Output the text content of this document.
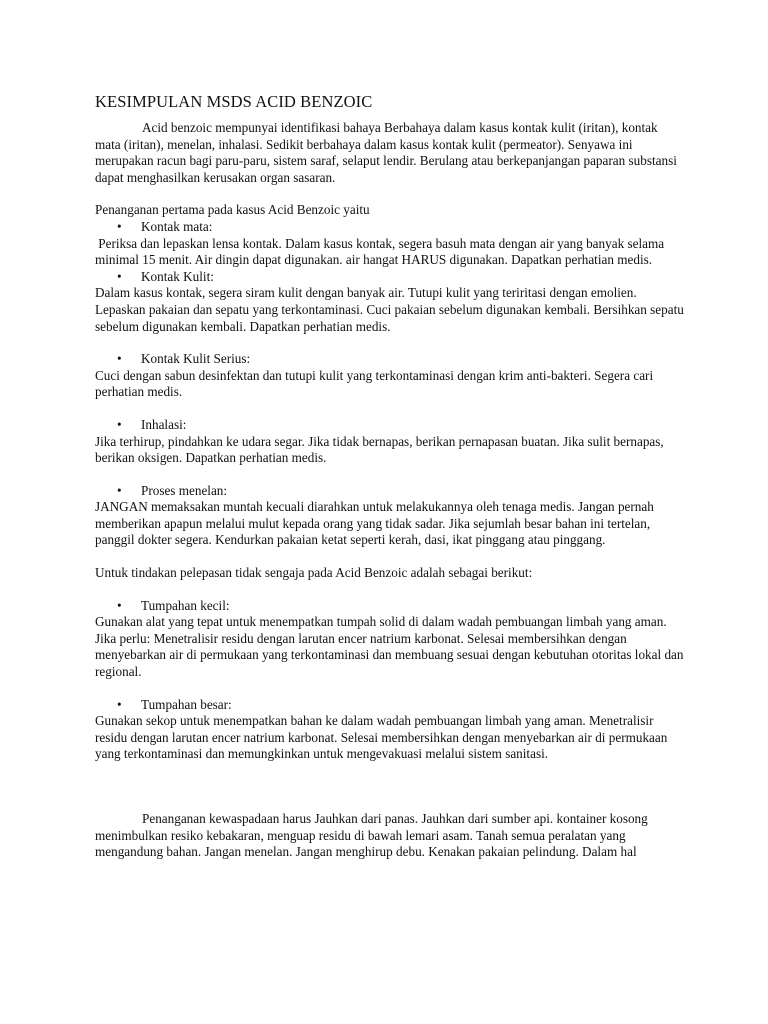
KESIMPULAN MSDS ACID BENZOIC

Acid benzoic mempunyai identifikasi bahaya Berbahaya dalam kasus kontak kulit (iritan), kontak mata (iritan), menelan, inhalasi. Sedikit berbahaya dalam kasus kontak kulit (permeator). Senyawa ini merupakan racun bagi paru-paru, sistem saraf, selaput lendir. Berulang atau berkepanjangan paparan substansi dapat menghasilkan kerusakan organ sasaran.

Penanganan pertama pada kasus Acid Benzoic yaitu

• Kontak mata:

Periksa dan lepaskan lensa kontak. Dalam kasus kontak, segera basuh mata dengan air yang banyak selama minimal 15 menit. Air dingin dapat digunakan. air hangat HARUS digunakan. Dapatkan perhatian medis.

• Kontak Kulit:

Dalam kasus kontak, segera siram kulit dengan banyak air. Tutupi kulit yang teriritasi dengan emolien. Lepaskan pakaian dan sepatu yang terkontaminasi. Cuci pakaian sebelum digunakan kembali. Bersihkan sepatu sebelum digunakan kembali. Dapatkan perhatian medis.

• Kontak Kulit Serius:

Cuci dengan sabun desinfektan dan tutupi kulit yang terkontaminasi dengan krim anti-bakteri. Segera cari perhatian medis.

• Inhalasi:

Jika terhirup, pindahkan ke udara segar. Jika tidak bernapas, berikan pernapasan buatan. Jika sulit bernapas, berikan oksigen. Dapatkan perhatian medis.

• Proses menelan:

JANGAN memaksakan muntah kecuali diarahkan untuk melakukannya oleh tenaga medis. Jangan pernah memberikan apapun melalui mulut kepada orang yang tidak sadar. Jika sejumlah besar bahan ini tertelan, panggil dokter segera. Kendurkan pakaian ketat seperti kerah, dasi, ikat pinggang atau pinggang.

Untuk tindakan pelepasan tidak sengaja pada Acid Benzoic adalah sebagai berikut:

• Tumpahan kecil:

Gunakan alat yang tepat untuk menempatkan tumpah solid di dalam wadah pembuangan limbah yang aman. Jika perlu: Menetralisir residu dengan larutan encer natrium karbonat. Selesai membersihkan dengan menyebarkan air di permukaan yang terkontaminasi dan membuang sesuai dengan kebutuhan otoritas lokal dan regional.

• Tumpahan besar:

Gunakan sekop untuk menempatkan bahan ke dalam wadah pembuangan limbah yang aman. Menetralisir residu dengan larutan encer natrium karbonat. Selesai membersihkan dengan menyebarkan air di permukaan yang terkontaminasi dan memungkinkan untuk mengevakuasi melalui sistem sanitasi.

Penanganan kewaspadaan harus Jauhkan dari panas. Jauhkan dari sumber api. kontainer kosong menimbulkan resiko kebakaran, menguap residu di bawah lemari asam. Tanah semua peralatan yang mengandung bahan. Jangan menelan. Jangan menghirup debu. Kenakan pakaian pelindung. Dalam hal
